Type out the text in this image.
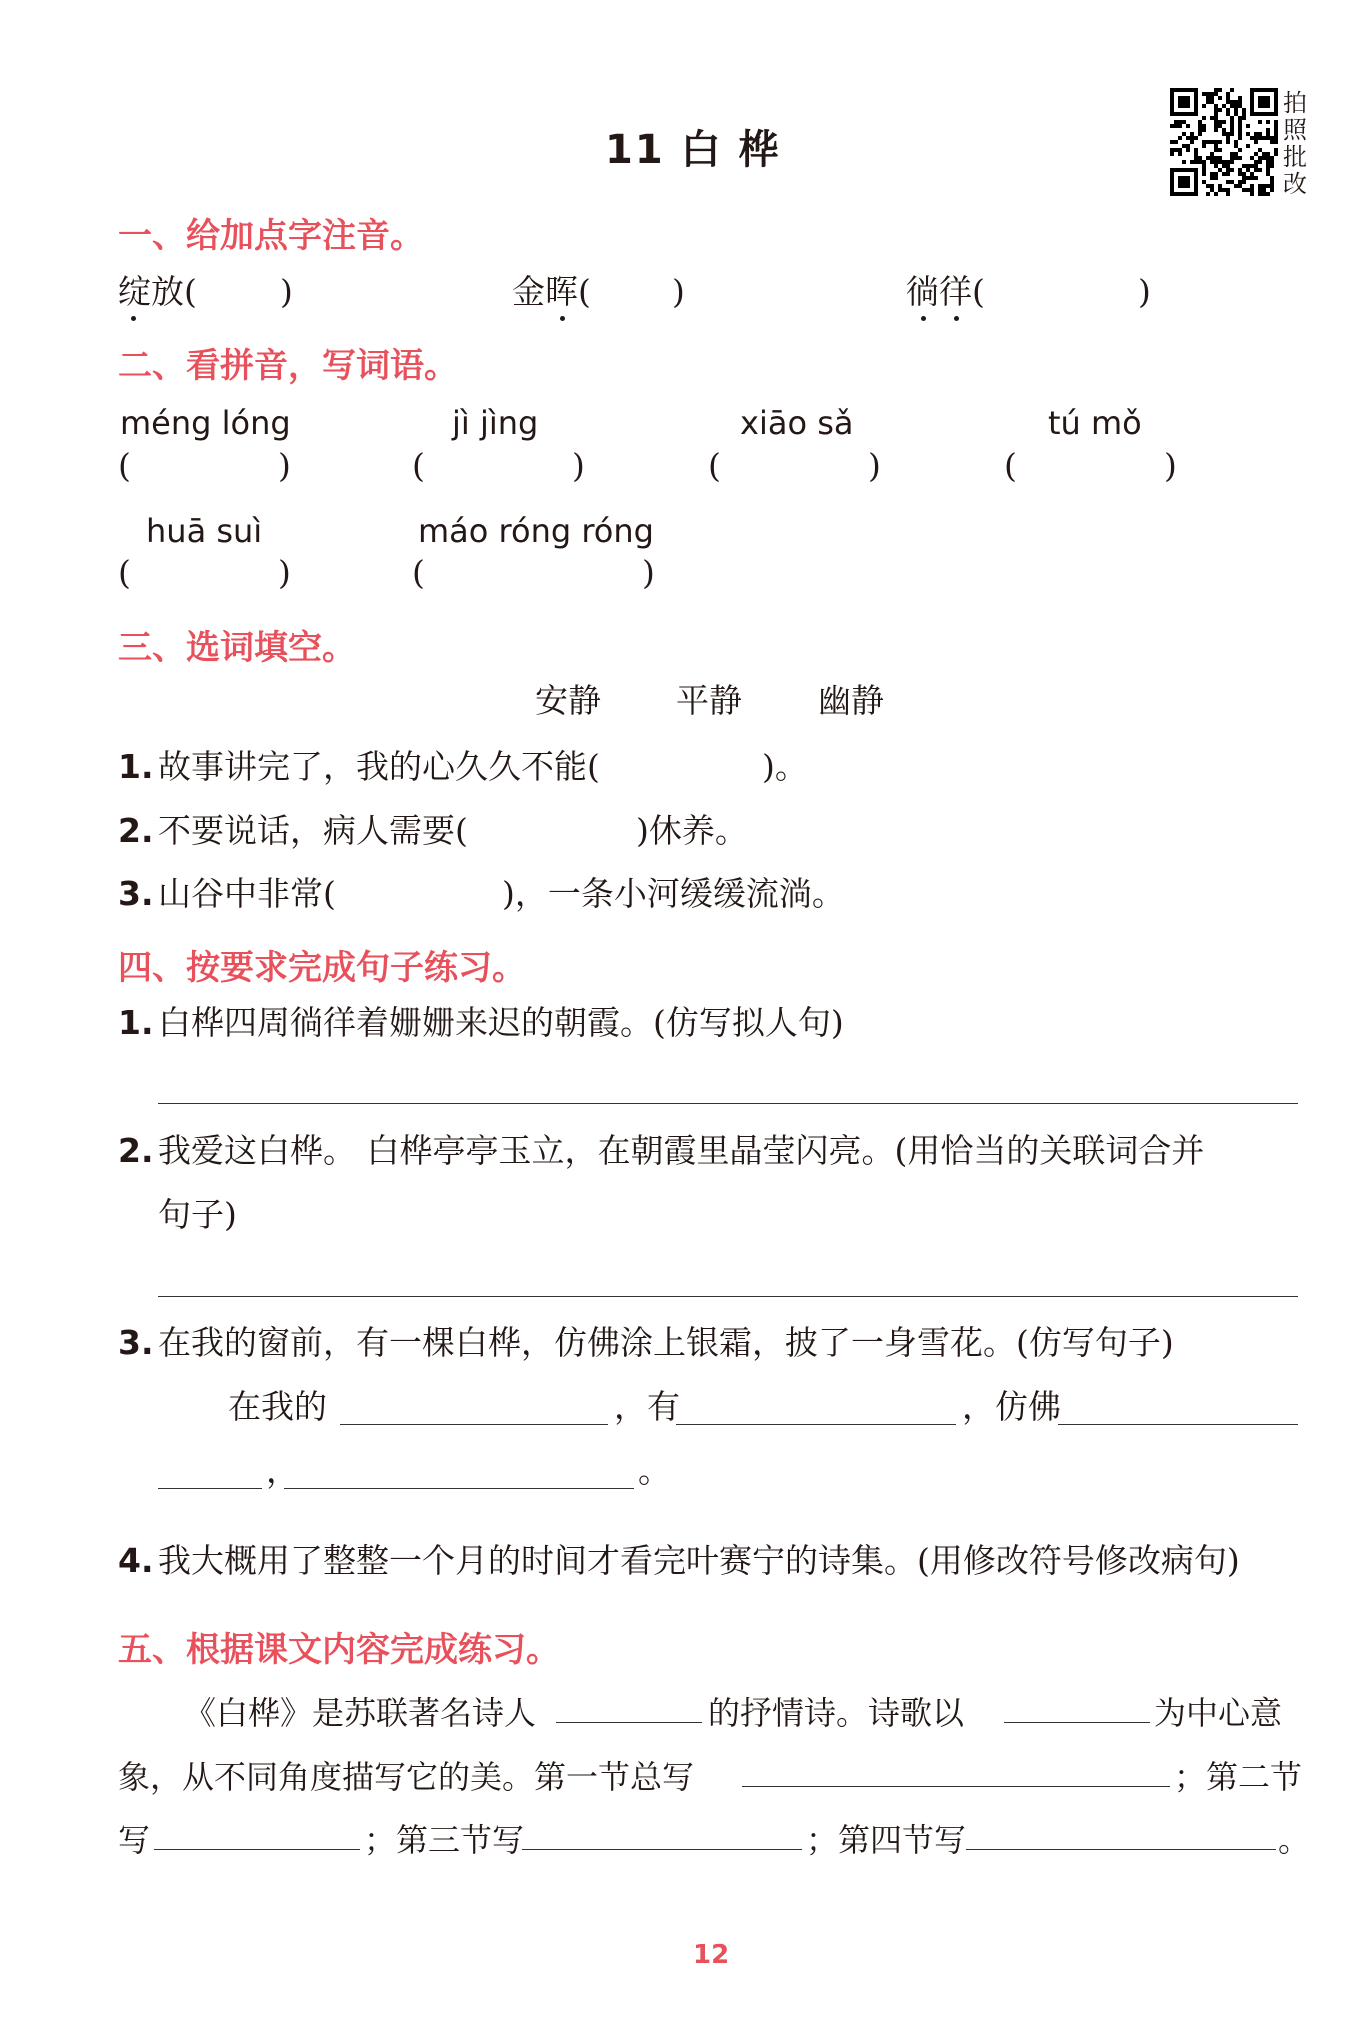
11 白 桦
拍照批改
一、给加点字注音。
绽放(	)	金晖( )	徜徉(	)
二、看拼音，写词语。
méng lóng	jì jìng	xiāo sǎ	tú mǒ
(	)	(	)	(	)	(	)
huā suì	máo róng róng
(	)	(	)
三、选词填空。
安静 平静 幽静
1. 故事讲完了，我的心久久不能(	)。
2. 不要说话，病人需要(	)休养。
3. 山谷中非常(	)，一条小河缓缓流淌。
四、按要求完成句子练习。
1. 白桦四周徜徉着姗姗来迟的朝霞。(仿写拟人句)
2. 我爱这白桦。 白桦亭亭玉立，在朝霞里晶莹闪亮。(用恰当的关联词合并
句子)
3. 在我的窗前，有一棵白桦，仿佛涂上银霜，披了一身雪花。(仿写句子)
在我的	，有	，仿佛
，	。
4. 我大概用了整整一个月的时间才看完叶赛宁的诗集。(用修改符号修改病句)
五、根据课文内容完成练习。
《白桦》是苏联著名诗人	的抒情诗。诗歌以	为中心意
象，从不同角度描写它的美。第一节总写	；第二节
写	；第三节写	；第四节写	。
12
